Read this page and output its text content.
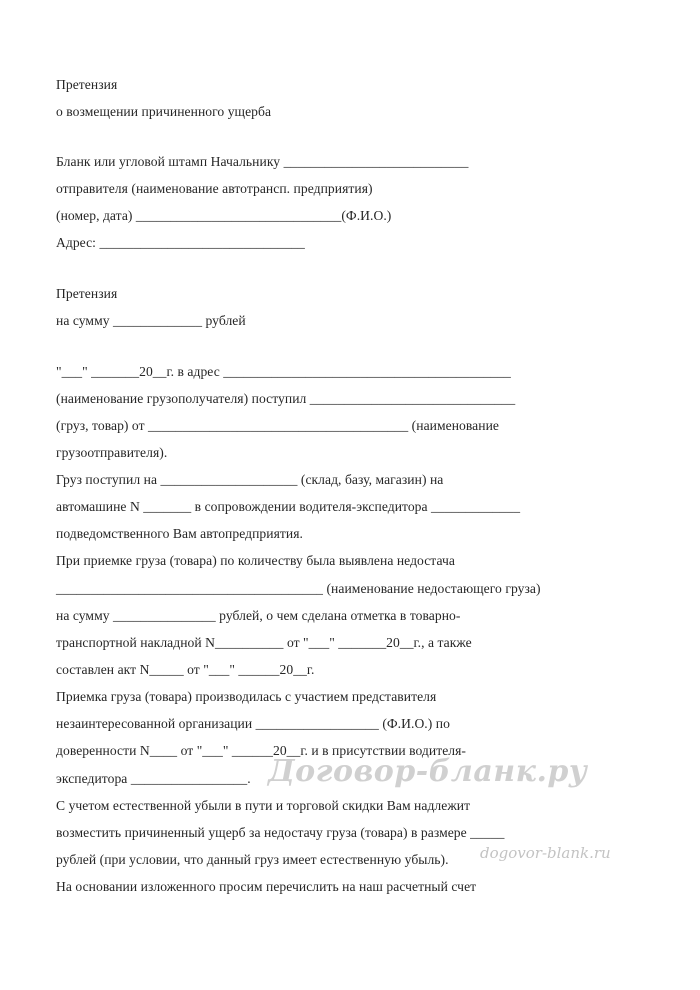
Претензия

о возмещении причиненного ущерба

Бланк или угловой штамп Начальнику ___________________________

отправителя (наименование автотрансп. предприятия)

(номер, дата) ______________________________(Ф.И.О.)

Адрес: ______________________________

Претензия

на сумму _____________ рублей

"___" _______20__г. в адрес __________________________________________

(наименование грузополучателя) поступил ______________________________

(груз, товар) от ______________________________________ (наименование

грузоотправителя).

Груз поступил на ____________________ (склад, базу, магазин) на

автомашине N _______ в сопровождении водителя-экспедитора _____________

подведомственного Вам автопредприятия.

При приемке груза (товара) по количеству была выявлена недостача

_______________________________________ (наименование недостающего груза)

на сумму _______________ рублей, о чем сделана отметка в товарно-

транспортной накладной N__________ от "___" _______20__г., а также

составлен акт N_____ от "___" ______20__г.

Приемка груза (товара) производилась с участием представителя

незаинтересованной организации __________________ (Ф.И.О.) по

доверенности N____ от "___" ______20__г. и в присутствии водителя-

экспедитора _________________.

С учетом естественной убыли в пути и торговой скидки Вам надлежит

возместить причиненный ущерб за недостачу груза (товара) в размере _____

рублей (при условии, что данный груз имеет естественную убыль).

На основании изложенного просим перечислить на наш расчетный счет

Договор-бланк.ру
dogovor-blank.ru
